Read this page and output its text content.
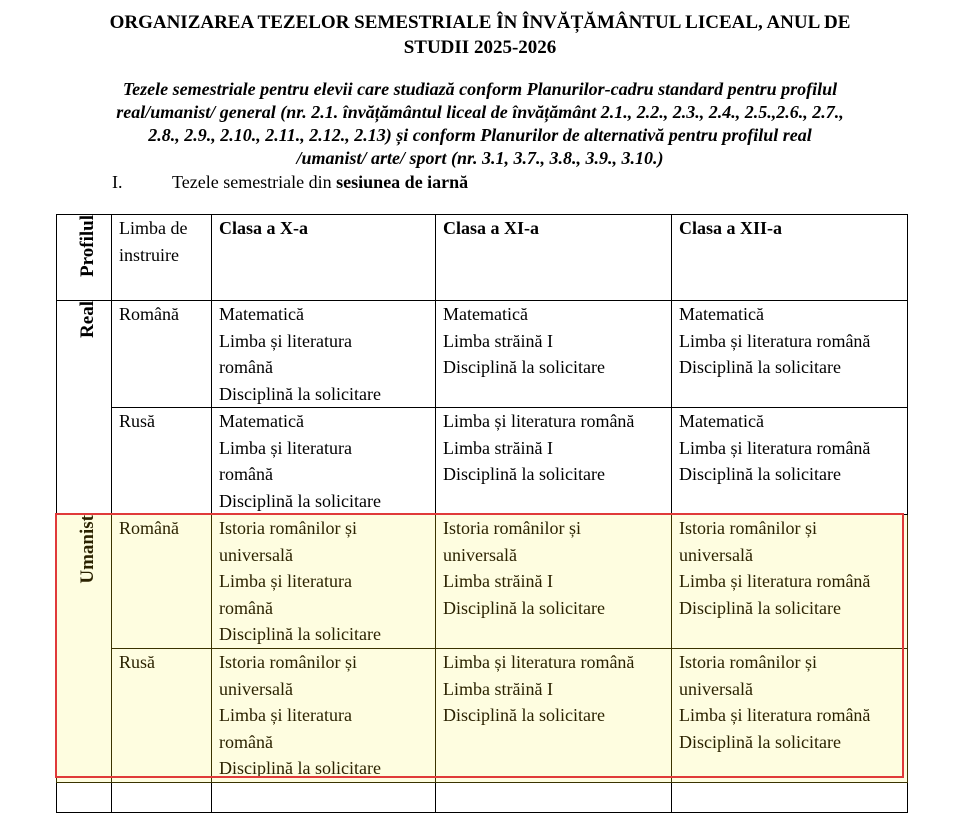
ORGANIZAREA TEZELOR SEMESTRIALE ÎN ÎNVĂȚĂMÂNTUL LICEAL, ANUL DE
STUDII 2025-2026
Tezele semestriale pentru elevii care studiază conform Planurilor-cadru standard pentru profilul
real/umanist/ general (nr. 2.1. învățământul liceal de învățământ 2.1., 2.2., 2.3., 2.4., 2.5.,2.6., 2.7.,
2.8., 2.9., 2.10., 2.11., 2.12., 2.13) și conform Planurilor de alternativă pentru profilul real
/umanist/ arte/ sport (nr. 3.1, 3.7., 3.8., 3.9., 3.10.)
I.	Tezele semestriale din sesiunea de iarnă
Profilul	Limba de
instruire	Clasa a X-a	Clasa a XI-a	Clasa a XII-a
Real	Română	Matematică
Limba și literatura
română
Disciplină la solicitare	Matematică
Limba străină I
Disciplină la solicitare	Matematică
Limba și literatura română
Disciplină la solicitare

	Rusă	Matematică
Limba și literatura
română
Disciplină la solicitare	Limba și literatura română
Limba străină I
Disciplină la solicitare	Matematică
Limba și literatura română
Disciplină la solicitare

Umanist	Română	Istoria românilor și
universală
Limba și literatura
română
Disciplină la solicitare	Istoria românilor și
universală
Limba străină I
Disciplină la solicitare	Istoria românilor și
universală
Limba și literatura română
Disciplină la solicitare

	Rusă	Istoria românilor și
universală
Limba și literatura
română
Disciplină la solicitare	Limba și literatura română
Limba străină I
Disciplină la solicitare	Istoria românilor și
universală
Limba și literatura română
Disciplină la solicitare
